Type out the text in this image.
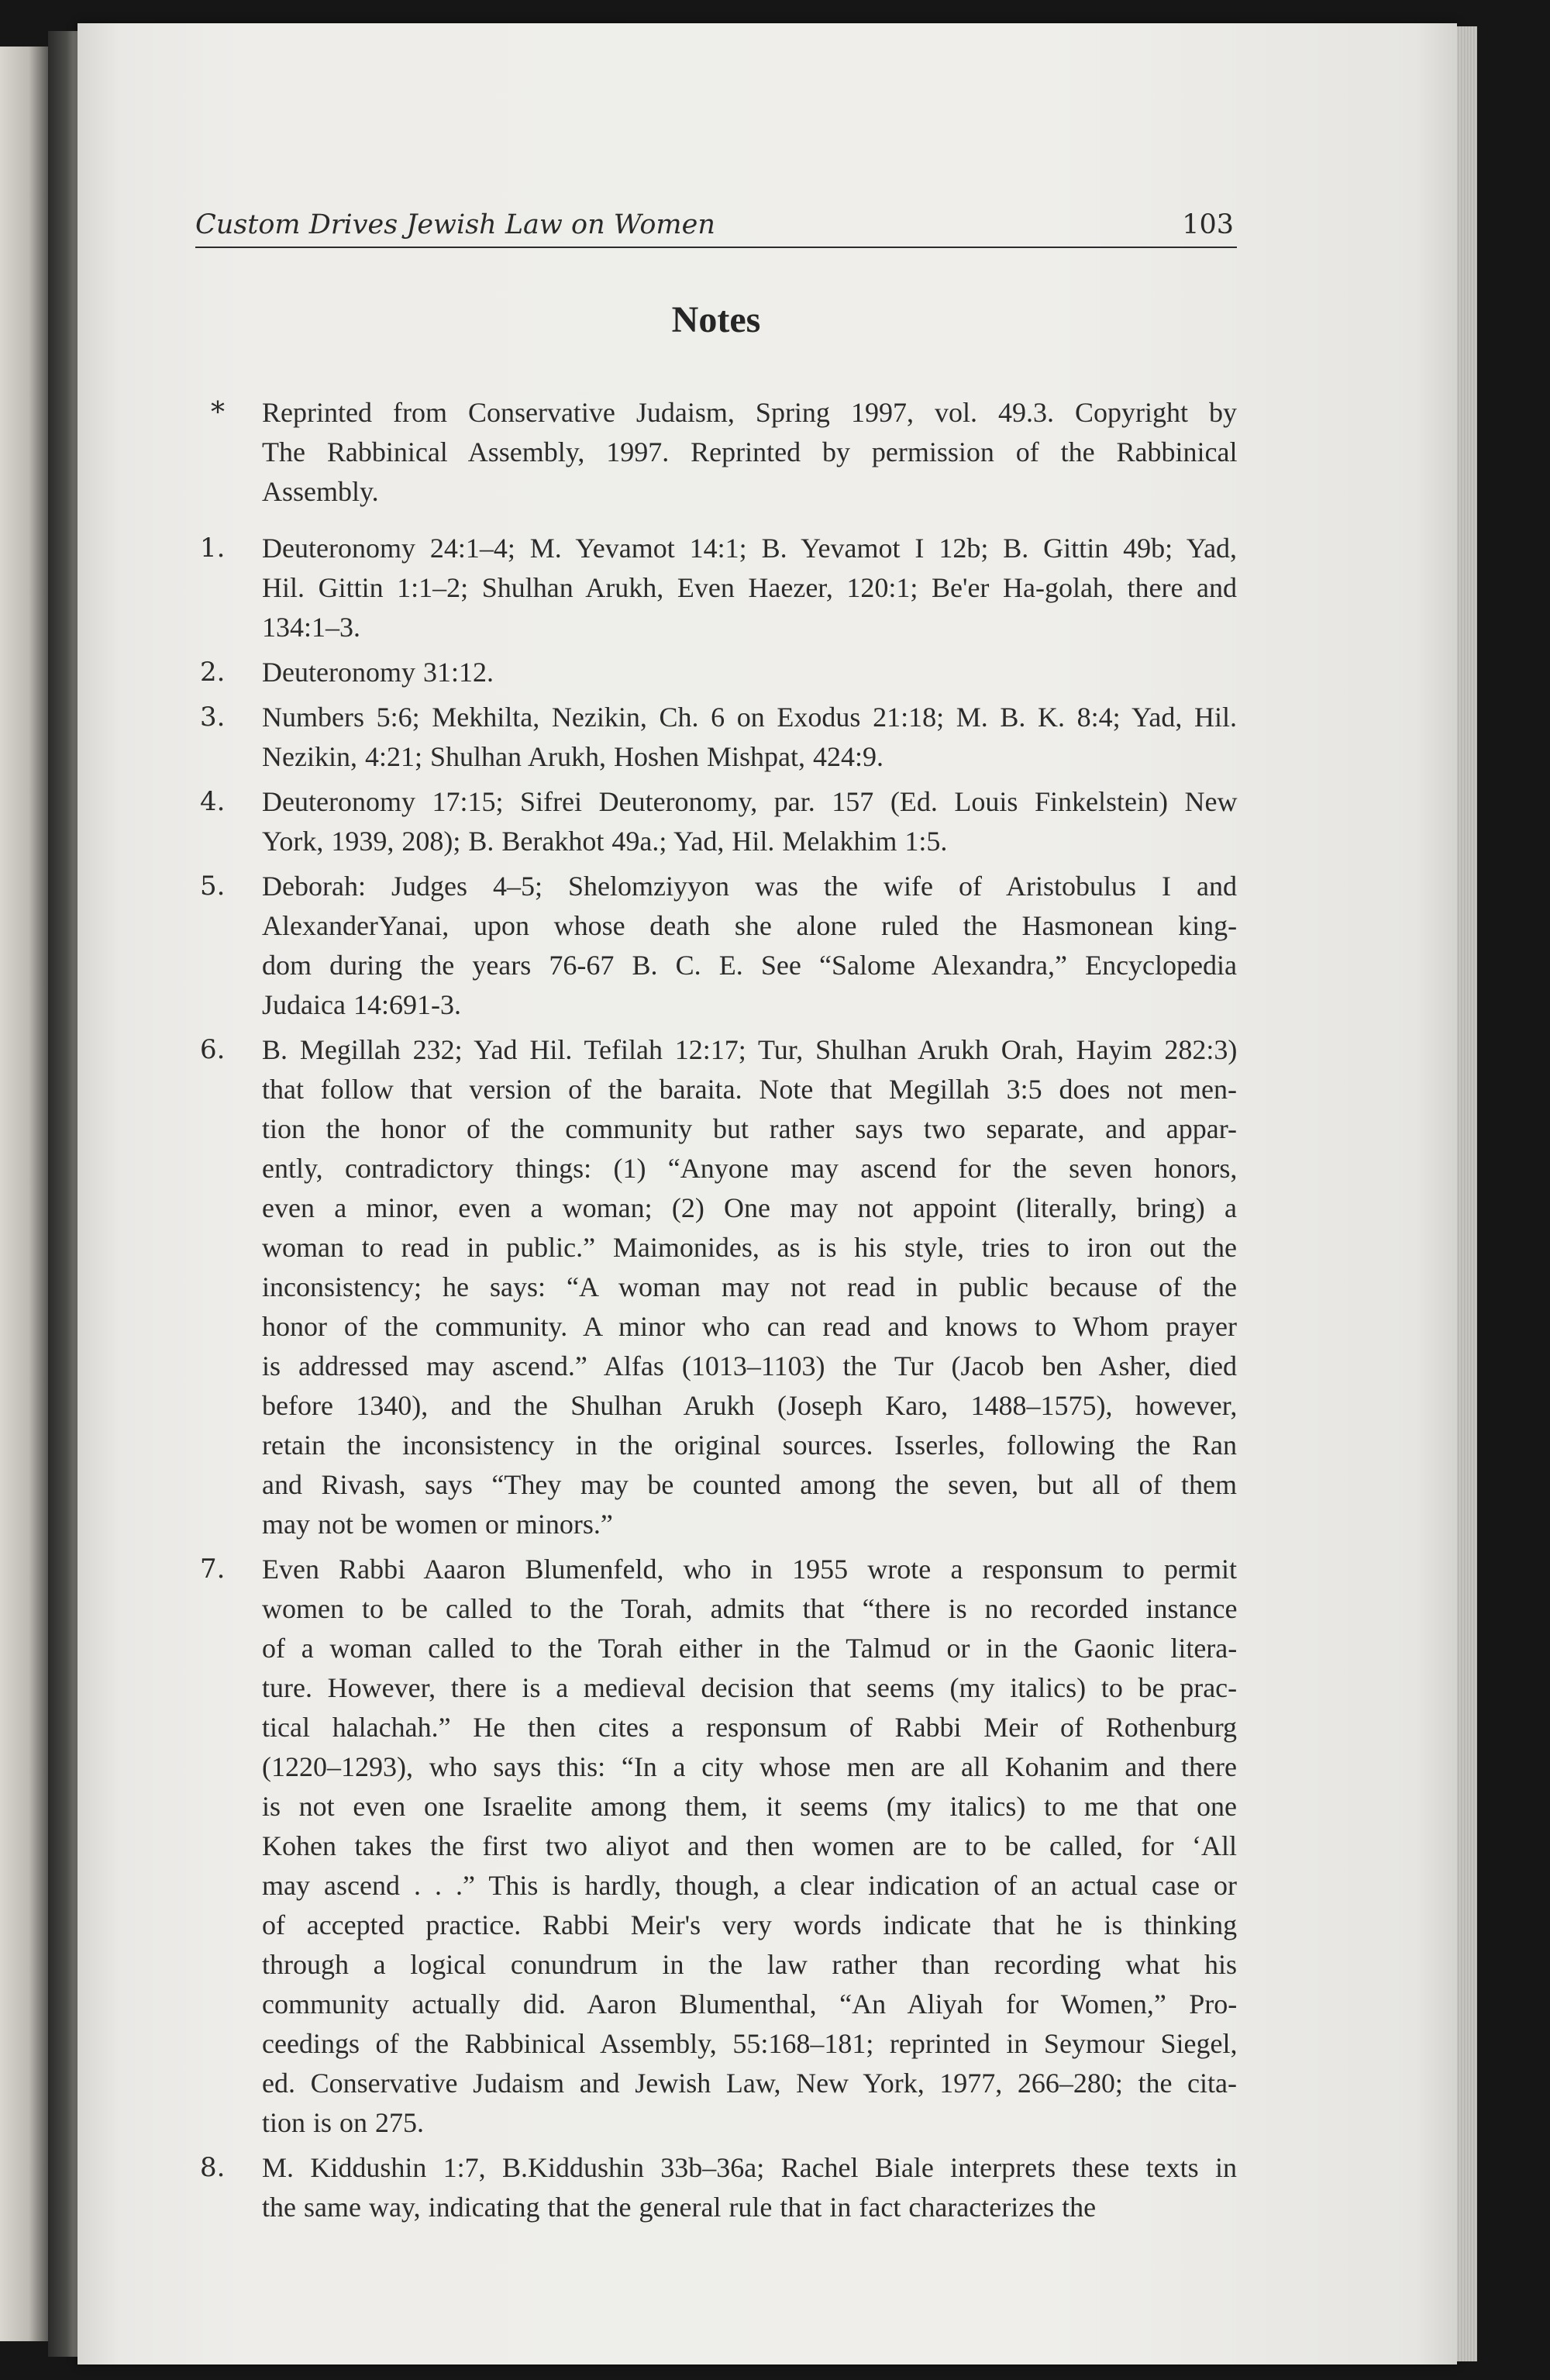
Custom Drives Jewish Law on Women	103
Notes
* Reprinted from Conservative Judaism, Spring 1997, vol. 49.3. Copyright by
The Rabbinical Assembly, 1997. Reprinted by permission of the Rabbinical
Assembly.
1. Deuteronomy 24:1–4; M. Yevamot 14:1; B. Yevamot I 12b; B. Gittin 49b; Yad,
Hil. Gittin 1:1–2; Shulhan Arukh, Even Haezer, 120:1; Be'er Ha-golah, there and
134:1–3.
2. Deuteronomy 31:12.
3. Numbers 5:6; Mekhilta, Nezikin, Ch. 6 on Exodus 21:18; M. B. K. 8:4; Yad, Hil.
Nezikin, 4:21; Shulhan Arukh, Hoshen Mishpat, 424:9.
4. Deuteronomy 17:15; Sifrei Deuteronomy, par. 157 (Ed. Louis Finkelstein) New
York, 1939, 208); B. Berakhot 49a.; Yad, Hil. Melakhim 1:5.
5. Deborah: Judges 4–5; Shelomziyyon was the wife of Aristobulus I and
AlexanderYanai, upon whose death she alone ruled the Hasmonean king-
dom during the years 76-67 B. C. E. See “Salome Alexandra,” Encyclopedia
Judaica 14:691-3.
6. B. Megillah 232; Yad Hil. Tefilah 12:17; Tur, Shulhan Arukh Orah, Hayim 282:3)
that follow that version of the baraita. Note that Megillah 3:5 does not men-
tion the honor of the community but rather says two separate, and appar-
ently, contradictory things: (1) “Anyone may ascend for the seven honors,
even a minor, even a woman; (2) One may not appoint (literally, bring) a
woman to read in public.” Maimonides, as is his style, tries to iron out the
inconsistency; he says: “A woman may not read in public because of the
honor of the community. A minor who can read and knows to Whom prayer
is addressed may ascend.” Alfas (1013–1103) the Tur (Jacob ben Asher, died
before 1340), and the Shulhan Arukh (Joseph Karo, 1488–1575), however,
retain the inconsistency in the original sources. Isserles, following the Ran
and Rivash, says “They may be counted among the seven, but all of them
may not be women or minors.”
7. Even Rabbi Aaaron Blumenfeld, who in 1955 wrote a responsum to permit
women to be called to the Torah, admits that “there is no recorded instance
of a woman called to the Torah either in the Talmud or in the Gaonic litera-
ture. However, there is a medieval decision that seems (my italics) to be prac-
tical halachah.” He then cites a responsum of Rabbi Meir of Rothenburg
(1220–1293), who says this: “In a city whose men are all Kohanim and there
is not even one Israelite among them, it seems (my italics) to me that one
Kohen takes the first two aliyot and then women are to be called, for ‘All
may ascend . . .” This is hardly, though, a clear indication of an actual case or
of accepted practice. Rabbi Meir's very words indicate that he is thinking
through a logical conundrum in the law rather than recording what his
community actually did. Aaron Blumenthal, “An Aliyah for Women,” Pro-
ceedings of the Rabbinical Assembly, 55:168–181; reprinted in Seymour Siegel,
ed. Conservative Judaism and Jewish Law, New York, 1977, 266–280; the cita-
tion is on 275.
8. M. Kiddushin 1:7, B.Kiddushin 33b–36a; Rachel Biale interprets these texts in
the same way, indicating that the general rule that in fact characterizes the
